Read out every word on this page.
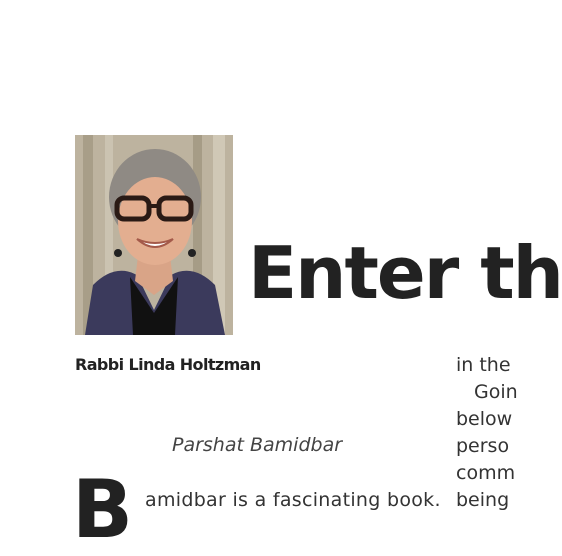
Enter th
Rabbi Linda Holtzman
Parshat Bamidbar
B amidbar is a fascinating book.
in the
Goin
below
perso
comm
being
